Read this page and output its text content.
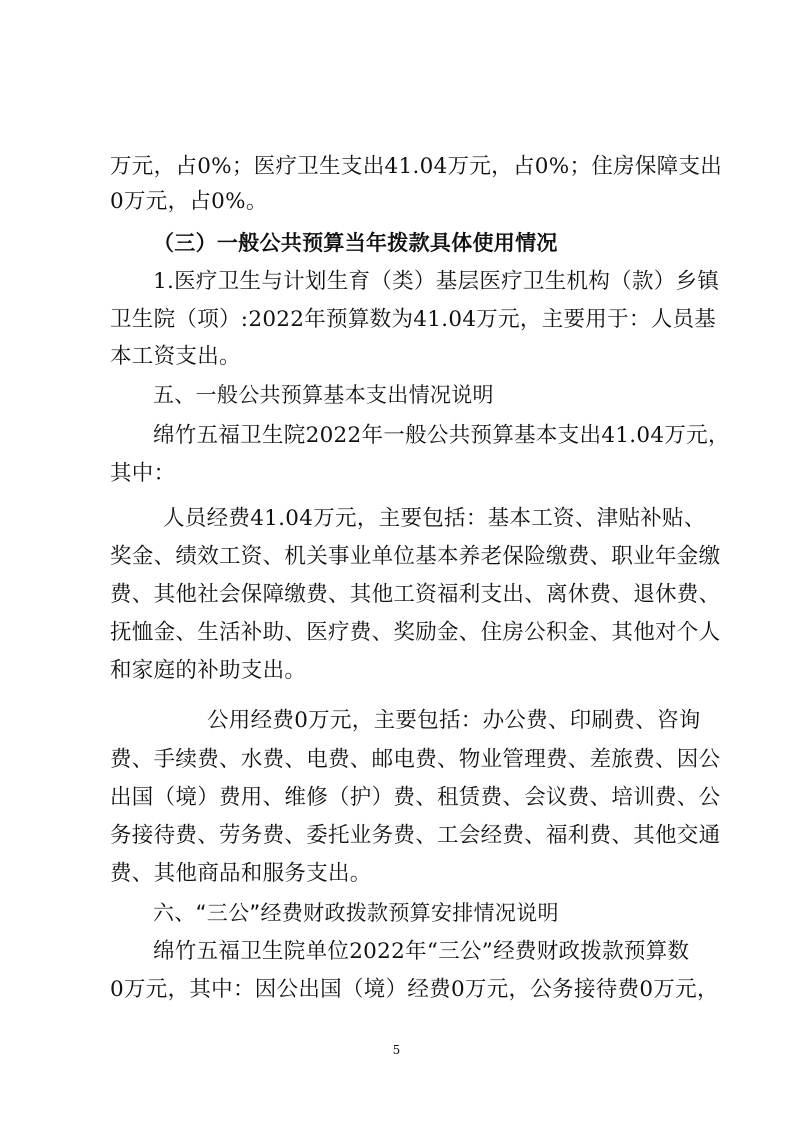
万元，占0%；医疗卫生支出41.04万元，占0%；住房保障支出
0万元，占0%。
（三）一般公共预算当年拨款具体使用情况
1.医疗卫生与计划生育（类）基层医疗卫生机构（款）乡镇
卫生院（项）:2022年预算数为41.04万元，主要用于：人员基
本工资支出。
五、一般公共预算基本支出情况说明
绵竹五福卫生院2022年一般公共预算基本支出41.04万元，
其中：
人员经费41.04万元，主要包括：基本工资、津贴补贴、
奖金、绩效工资、机关事业单位基本养老保险缴费、职业年金缴
费、其他社会保障缴费、其他工资福利支出、离休费、退休费、
抚恤金、生活补助、医疗费、奖励金、住房公积金、其他对个人
和家庭的补助支出。
公用经费0万元，主要包括：办公费、印刷费、咨询
费、手续费、水费、电费、邮电费、物业管理费、差旅费、因公
出国（境）费用、维修（护）费、租赁费、会议费、培训费、公
务接待费、劳务费、委托业务费、工会经费、福利费、其他交通
费、其他商品和服务支出。
六、“三公”经费财政拨款预算安排情况说明
绵竹五福卫生院单位2022年“三公”经费财政拨款预算数
0万元，其中：因公出国（境）经费0万元，公务接待费0万元，
5
